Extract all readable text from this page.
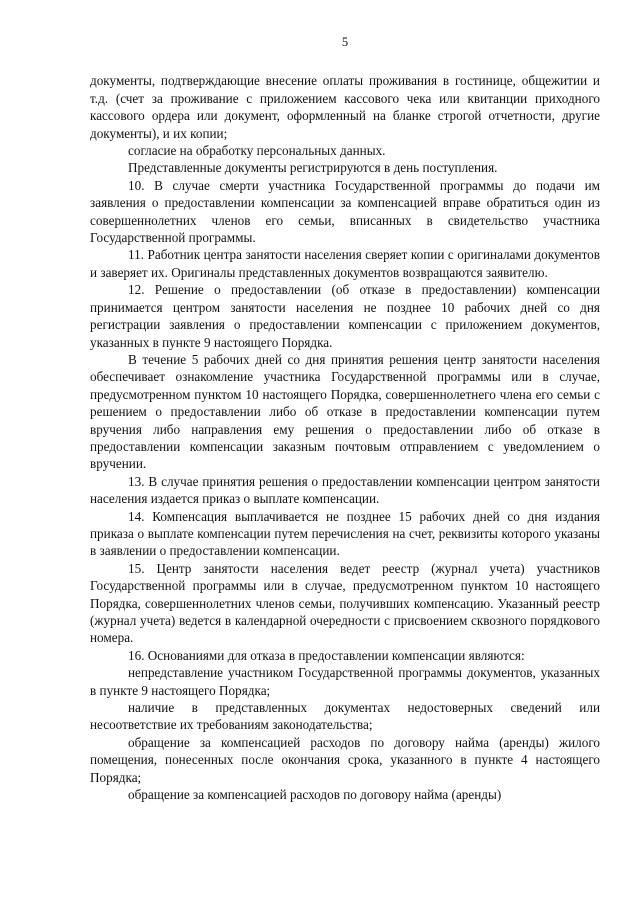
5

документы, подтверждающие внесение оплаты проживания в гостинице, общежитии и т.д. (счет за проживание с приложением кассового чека или квитанции приходного кассового ордера или документ, оформленный на бланке строгой отчетности, другие документы), и их копии;

согласие на обработку персональных данных.

Представленные документы регистрируются в день поступления.

10. В случае смерти участника Государственной программы до подачи им заявления о предоставлении компенсации за компенсацией вправе обратиться один из совершеннолетних членов его семьи, вписанных в свидетельство участника Государственной программы.

11. Работник центра занятости населения сверяет копии с оригиналами документов и заверяет их. Оригиналы представленных документов возвращаются заявителю.

12. Решение о предоставлении (об отказе в предоставлении) компенсации принимается центром занятости населения не позднее 10 рабочих дней со дня регистрации заявления о предоставлении компенсации с приложением документов, указанных в пункте 9 настоящего Порядка.

В течение 5 рабочих дней со дня принятия решения центр занятости населения обеспечивает ознакомление участника Государственной программы или в случае, предусмотренном пунктом 10 настоящего Порядка, совершеннолетнего члена его семьи с решением о предоставлении либо об отказе в предоставлении компенсации путем вручения либо направления ему решения о предоставлении либо об отказе в предоставлении компенсации заказным почтовым отправлением с уведомлением о вручении.

13. В случае принятия решения о предоставлении компенсации центром занятости населения издается приказ о выплате компенсации.

14. Компенсация выплачивается не позднее 15 рабочих дней со дня издания приказа о выплате компенсации путем перечисления на счет, реквизиты которого указаны в заявлении о предоставлении компенсации.

15. Центр занятости населения ведет реестр (журнал учета) участников Государственной программы или в случае, предусмотренном пунктом 10 настоящего Порядка, совершеннолетних членов семьи, получивших компенсацию. Указанный реестр (журнал учета) ведется в календарной очередности с присвоением сквозного порядкового номера.

16. Основаниями для отказа в предоставлении компенсации являются:

непредставление участником Государственной программы документов, указанных в пункте 9 настоящего Порядка;

наличие в представленных документах недостоверных сведений или несоответствие их требованиям законодательства;

обращение за компенсацией расходов по договору найма (аренды) жилого помещения, понесенных после окончания срока, указанного в пункте 4 настоящего Порядка;

обращение за компенсацией расходов по договору найма (аренды)
